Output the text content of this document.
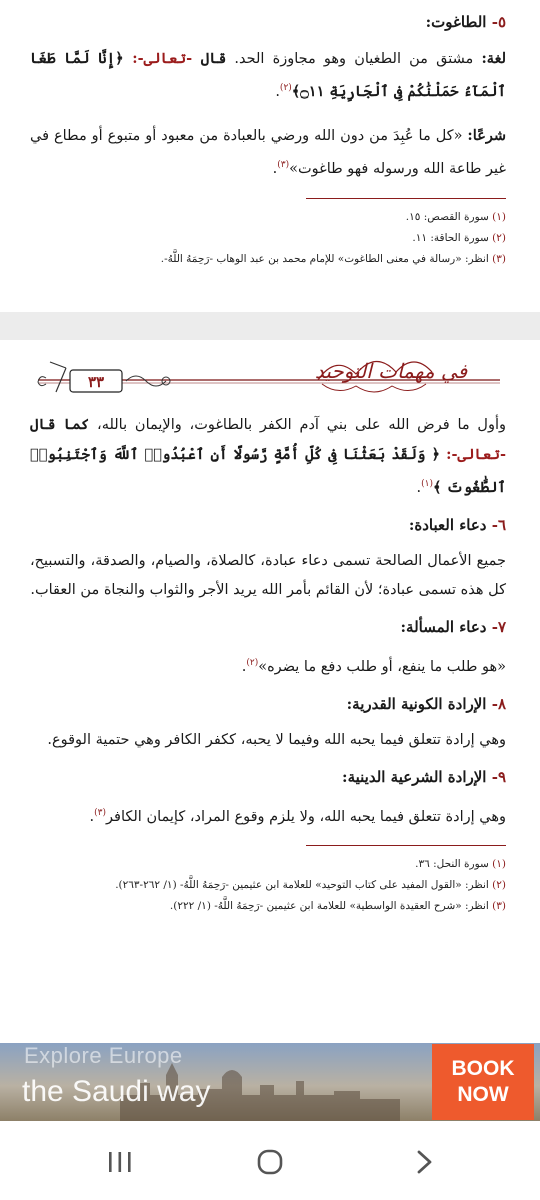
٥- الطاغوت:

لغة: مشتق من الطغيان وهو مجاوزة الحد. قال -تعالى-: ﴿إِنَّا لَمَّا طَغَا ٱلْمَآءُ حَمَلْنَٰكُمْ فِى ٱلْجَارِيَةِ ۝١١﴾$^{(٢)}$.

شرعًا: «كل ما عُبِدَ من دون الله ورضي بالعبادة من معبود أو متبوع أو مطاع في غير طاعة الله ورسوله فهو طاغوت»$^{(٣)}$.

(١) سورة القصص: ١٥.

(٢) سورة الحاقة: ١١.

(٣) انظر: «رسالة في معنى الطاغوت» للإمام محمد بن عبد الوهاب -رَحِمَهُ اللَّهُ-.

في مهمات التوحيد
٣٣

وأول ما فرض الله على بني آدم الكفر بالطاغوت، والإيمان بالله، كما قال -تعالى-: ﴿ وَلَقَدْ بَعَثْنَا فِى كُلِّ أُمَّةٍ رَّسُولًا أَنِ ٱعْبُدُوا۟ ٱللَّهَ وَٱجْتَنِبُوا۟ ٱلطَّٰغُوتَ ﴾$^{(١)}$.

٦- دعاء العبادة:

جميع الأعمال الصالحة تسمى دعاء عبادة، كالصلاة، والصيام، والصدقة، والتسبيح، كل هذه تسمى عبادة؛ لأن القائم بأمر الله يريد الأجر والثواب والنجاة من العقاب.

٧- دعاء المسألة:

«هو طلب ما ينفع، أو طلب دفع ما يضره»$^{(٢)}$.

٨- الإرادة الكونية القدرية:

وهي إرادة تتعلق فيما يحبه الله وفيما لا يحبه، ككفر الكافر وهي حتمية الوقوع.

٩- الإرادة الشرعية الدينية:

وهي إرادة تتعلق فيما يحبه الله، ولا يلزم وقوع المراد، كإيمان الكافر$^{(٣)}$.

(١) سورة النحل: ٣٦.

(٢) انظر: «القول المفيد على كتاب التوحيد» للعلامة ابن عثيمين -رَحِمَهُ اللَّهُ- (١/ ٢٦٢-٢٦٣).

(٣) انظر: «شرح العقيدة الواسطية» للعلامة ابن عثيمين -رَحِمَهُ اللَّهُ- (١/ ٢٢٢).

Explore Europe
the Saudi way
BOOK
NOW
